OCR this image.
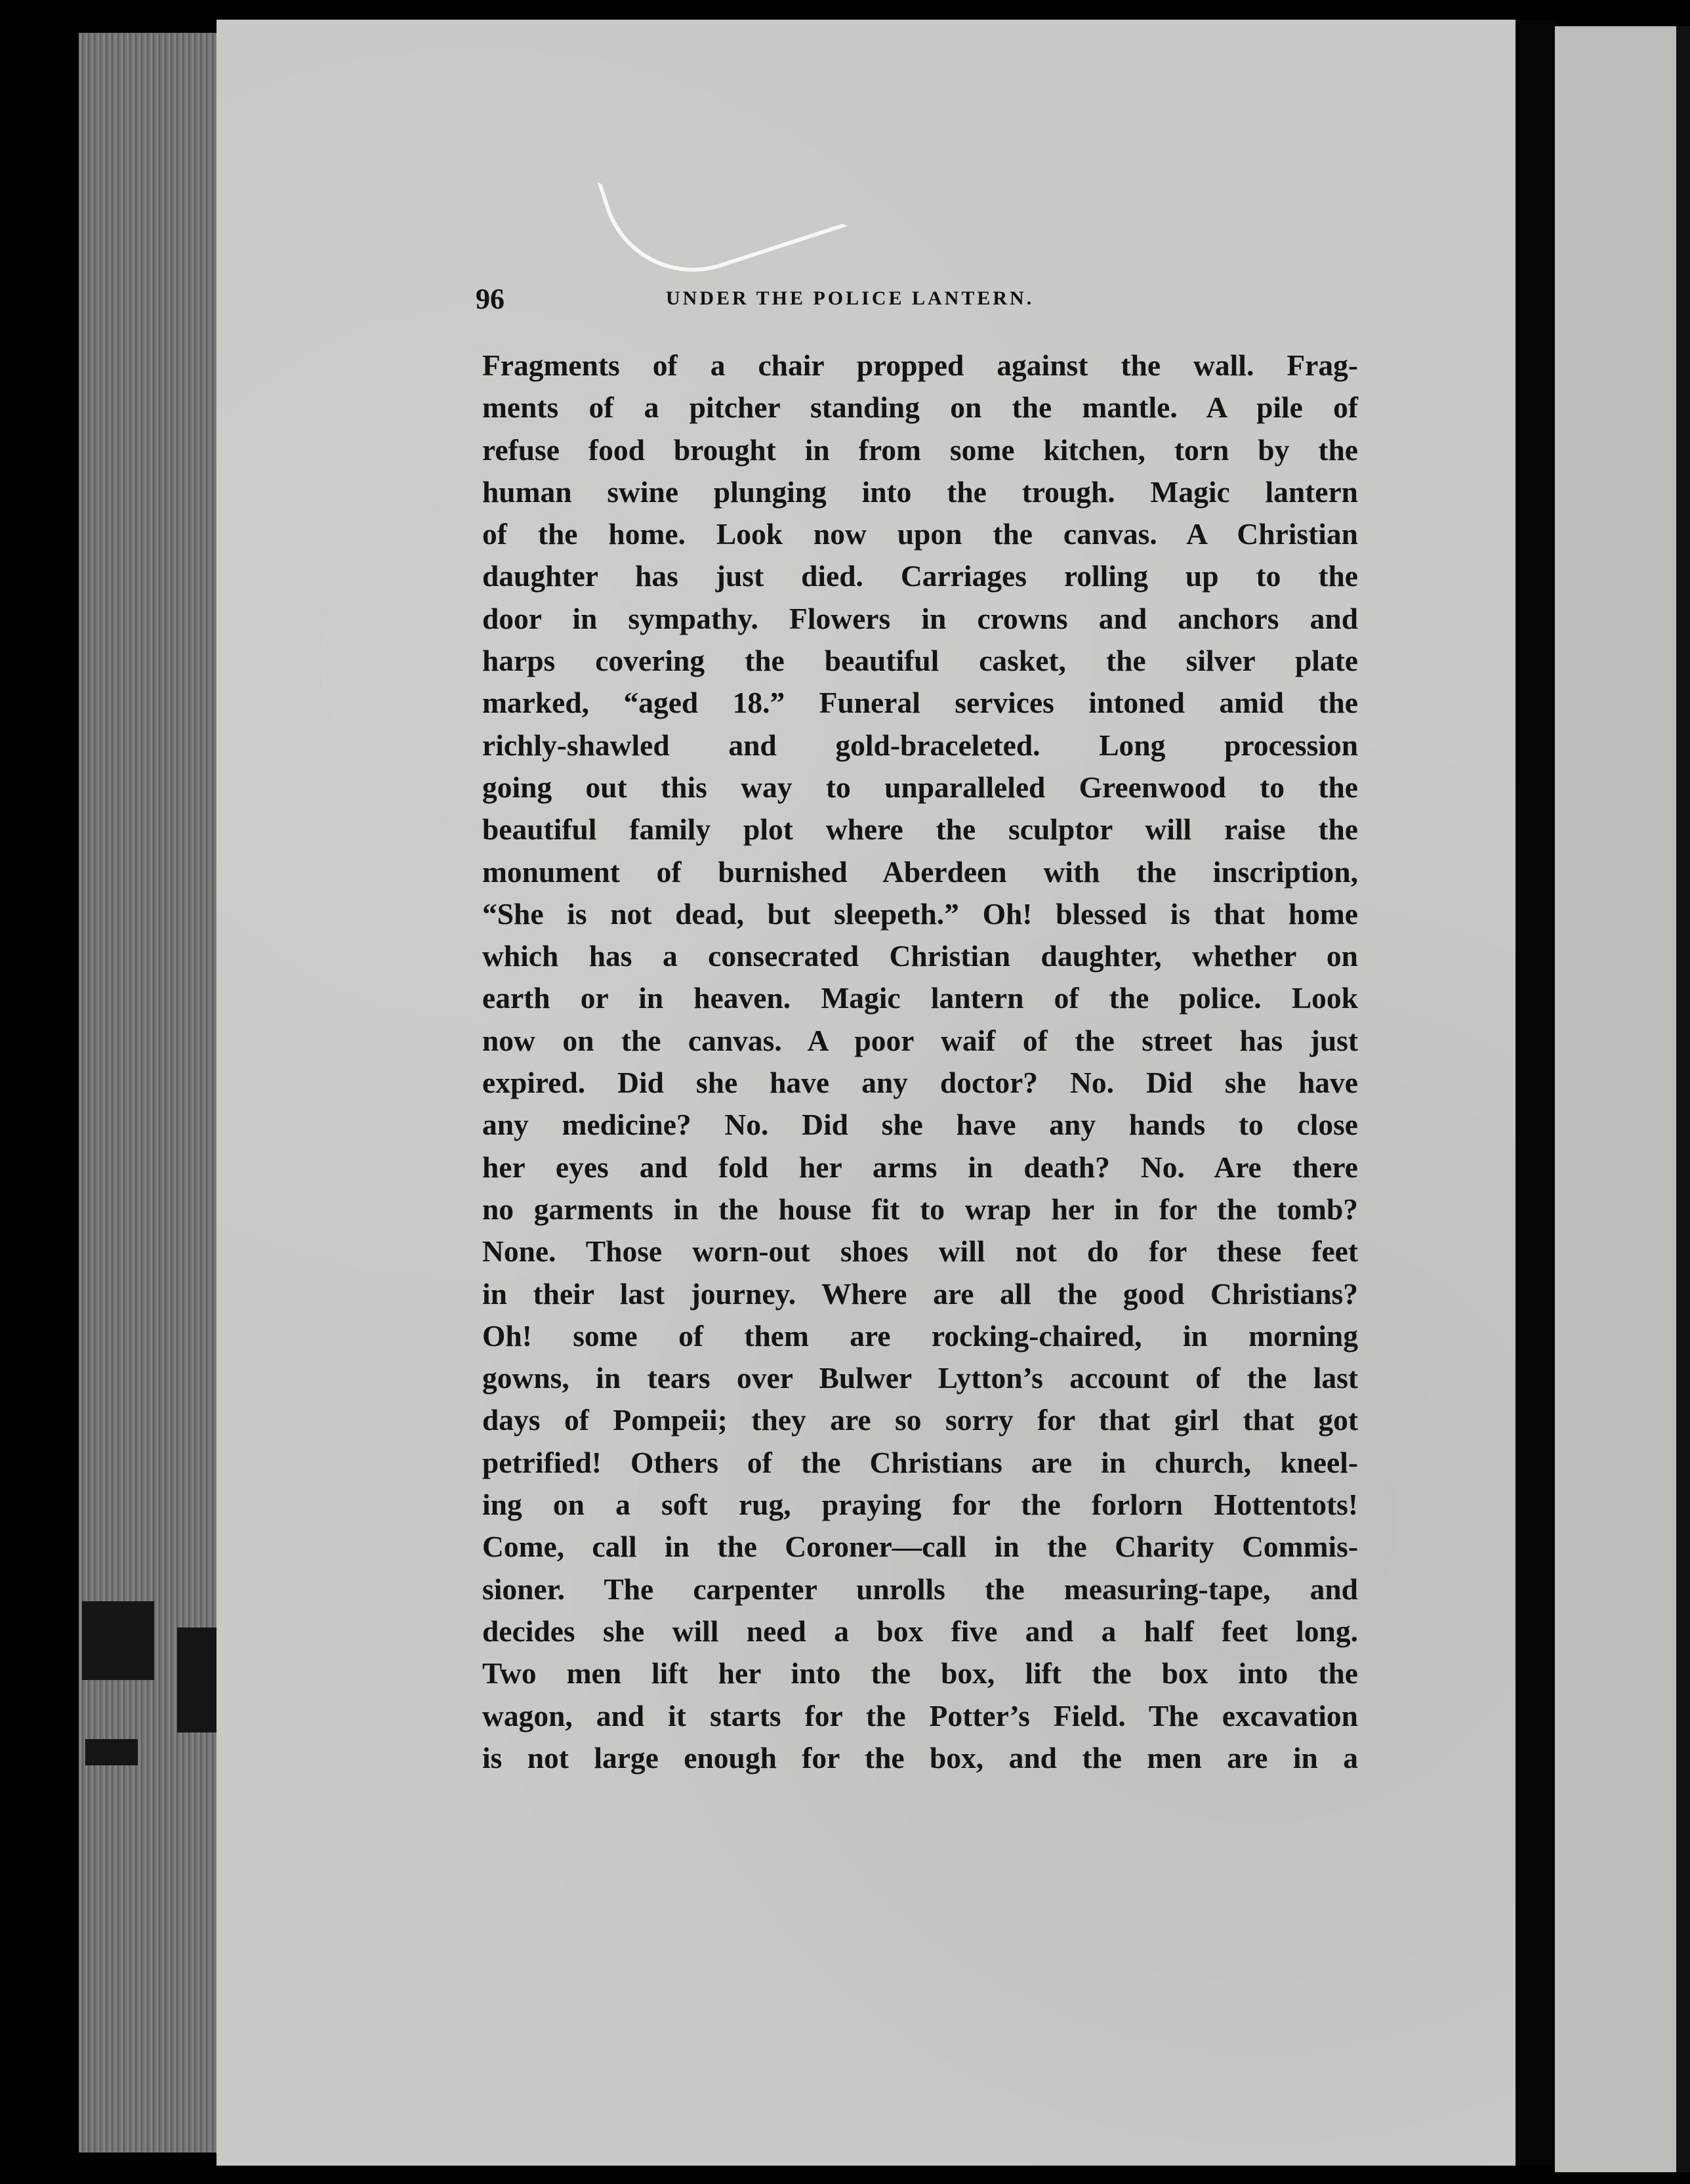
96	UNDER THE POLICE LANTERN.
Fragments of a chair propped against the wall. Frag-
ments of a pitcher standing on the mantle. A pile of
refuse food brought in from some kitchen, torn by the
human swine plunging into the trough. Magic lantern
of the home. Look now upon the canvas. A Christian
daughter has just died. Carriages rolling up to the
door in sympathy. Flowers in crowns and anchors and
harps covering the beautiful casket, the silver plate
marked, “aged 18.” Funeral services intoned amid the
richly-shawled and gold-braceleted. Long procession
going out this way to unparalleled Greenwood to the
beautiful family plot where the sculptor will raise the
monument of burnished Aberdeen with the inscription,
“She is not dead, but sleepeth.” Oh! blessed is that home
which has a consecrated Christian daughter, whether on
earth or in heaven. Magic lantern of the police. Look
now on the canvas. A poor waif of the street has just
expired. Did she have any doctor? No. Did she have
any medicine? No. Did she have any hands to close
her eyes and fold her arms in death? No. Are there
no garments in the house fit to wrap her in for the tomb?
None. Those worn-out shoes will not do for these feet
in their last journey. Where are all the good Christians?
Oh! some of them are rocking-chaired, in morning
gowns, in tears over Bulwer Lytton’s account of the last
days of Pompeii; they are so sorry for that girl that got
petrified! Others of the Christians are in church, kneel-
ing on a soft rug, praying for the forlorn Hottentots!
Come, call in the Coroner—call in the Charity Commis-
sioner. The carpenter unrolls the measuring-tape, and
decides she will need a box five and a half feet long.
Two men lift her into the box, lift the box into the
wagon, and it starts for the Potter’s Field. The excavation
is not large enough for the box, and the men are in a
